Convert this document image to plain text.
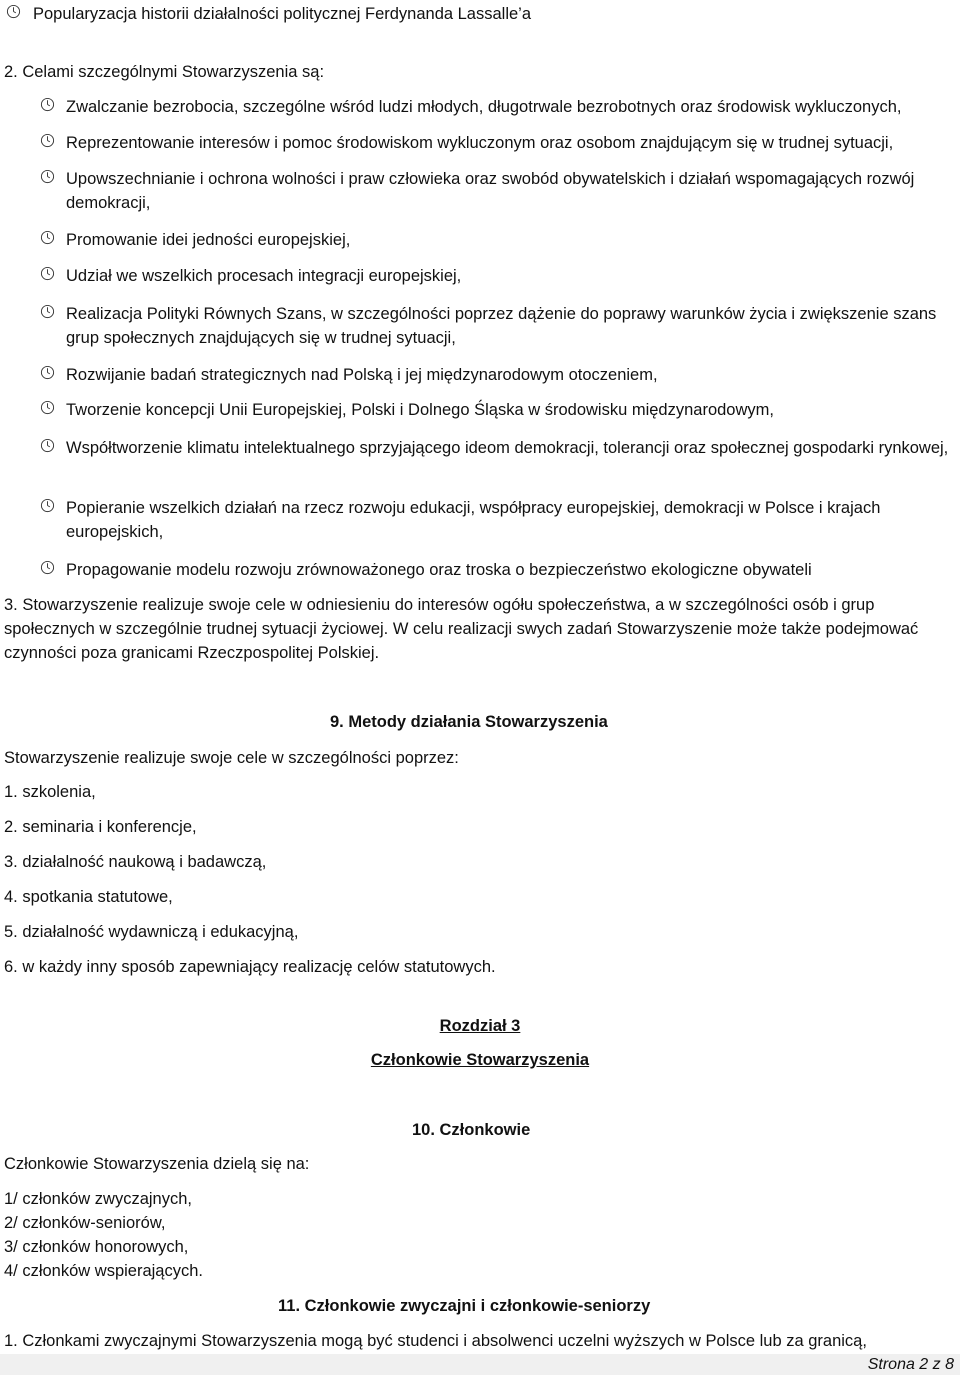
Popularyzacja historii działalności politycznej Ferdynanda Lassalle’a
2. Celami szczególnymi Stowarzyszenia są:
Zwalczanie bezrobocia, szczególne wśród ludzi młodych, długotrwale bezrobotnych oraz środowisk wykluczonych,
Reprezentowanie interesów i pomoc środowiskom wykluczonym oraz osobom znajdującym się w trudnej sytuacji,
Upowszechnianie i ochrona wolności i praw człowieka oraz swobód obywatelskich i działań wspomagających rozwój demokracji,
Promowanie idei jedności europejskiej,
Udział we wszelkich procesach integracji europejskiej,
Realizacja Polityki Równych Szans, w szczególności poprzez dążenie do poprawy warunków życia i zwiększenie szans grup społecznych znajdujących się w trudnej sytuacji,
Rozwijanie badań strategicznych nad Polską i jej międzynarodowym otoczeniem,
Tworzenie koncepcji Unii Europejskiej, Polski i Dolnego Śląska w środowisku międzynarodowym,
Współtworzenie klimatu intelektualnego sprzyjającego ideom demokracji, tolerancji oraz społecznej gospodarki rynkowej,
Popieranie wszelkich działań na rzecz rozwoju edukacji, współpracy europejskiej, demokracji w Polsce i krajach europejskich,
Propagowanie modelu rozwoju zrównoważonego oraz troska o bezpieczeństwo ekologiczne obywateli
3. Stowarzyszenie realizuje swoje cele w odniesieniu do interesów ogółu społeczeństwa, a w szczególności osób i grup społecznych w szczególnie trudnej sytuacji życiowej. W celu realizacji swych zadań Stowarzyszenie może także podejmować czynności poza granicami Rzeczpospolitej Polskiej.
9. Metody działania Stowarzyszenia
Stowarzyszenie realizuje swoje cele w szczególności poprzez:
1. szkolenia,
2. seminaria i konferencje,
3. działalność naukową i badawczą,
4. spotkania statutowe,
5. działalność wydawniczą i edukacyjną,
6. w każdy inny sposób zapewniający realizację celów statutowych.
Rozdział 3
Członkowie Stowarzyszenia
10. Członkowie
Członkowie Stowarzyszenia dzielą się na:
1/ członków zwyczajnych,
2/ członków-seniorów,
3/ członków honorowych,
4/ członków wspierających.
11. Członkowie zwyczajni i członkowie-seniorzy
1. Członkami zwyczajnymi Stowarzyszenia mogą być studenci i absolwenci uczelni wyższych w Polsce lub za granicą,
Strona 2 z 8
